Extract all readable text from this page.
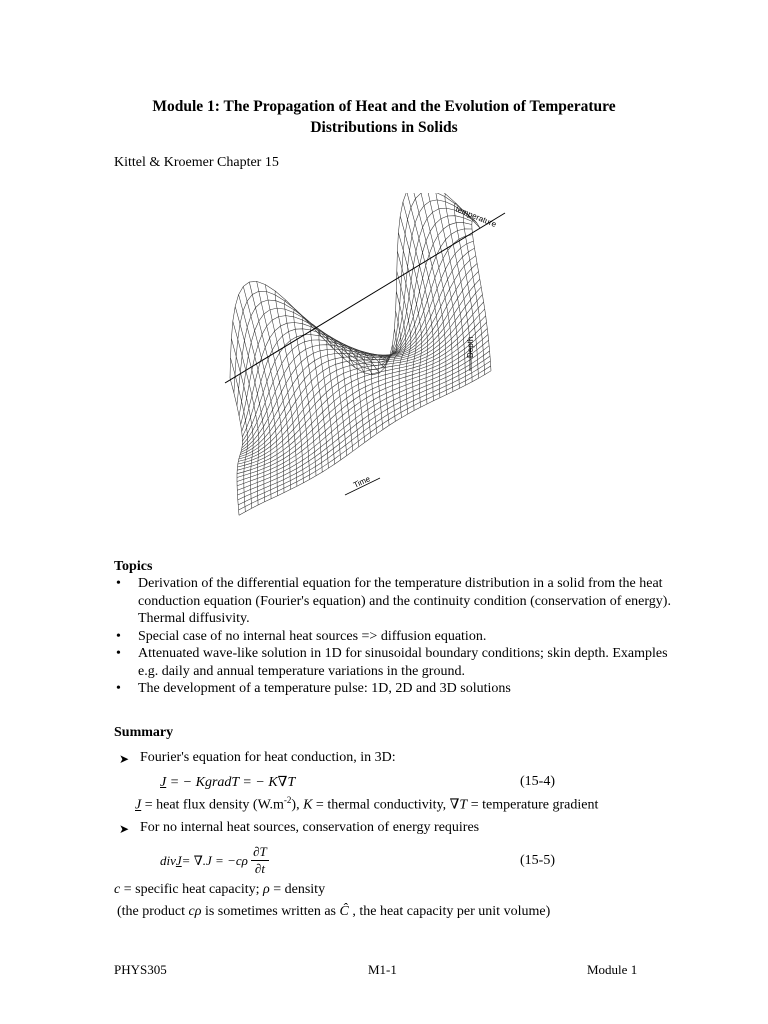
Module 1: The Propagation of Heat and the Evolution of Temperature
Distributions in Solids
Kittel & Kroemer Chapter 15
temperature
Depth
Time
Topics
• Derivation of the differential equation for the temperature distribution in a solid from the heat conduction equation (Fourier's equation) and the continuity condition (conservation of energy). Thermal diffusivity.
• Special case of no internal heat sources => diffusion equation.
• Attenuated wave-like solution in 1D for sinusoidal boundary conditions; skin depth. Examples e.g. daily and annual temperature variations in the ground.
• The development of a temperature pulse: 1D, 2D and 3D solutions
Summary
➤ Fourier's equation for heat conduction, in 3D:
J = − KgradT = − K∇T	(15-4)
J = heat flux density $(W.m^{-2})$, K = thermal conductivity, ∇T = temperature gradient
➤ For no internal heat sources, conservation of energy requires
divJ= $\nabla.J = -c\rho \frac{\partial T}{\partial t}$	(15-5)
c = specific heat capacity; ρ = density
(the product cρ is sometimes written as Ĉ , the heat capacity per unit volume)
PHYS305	M1-1	Module 1
